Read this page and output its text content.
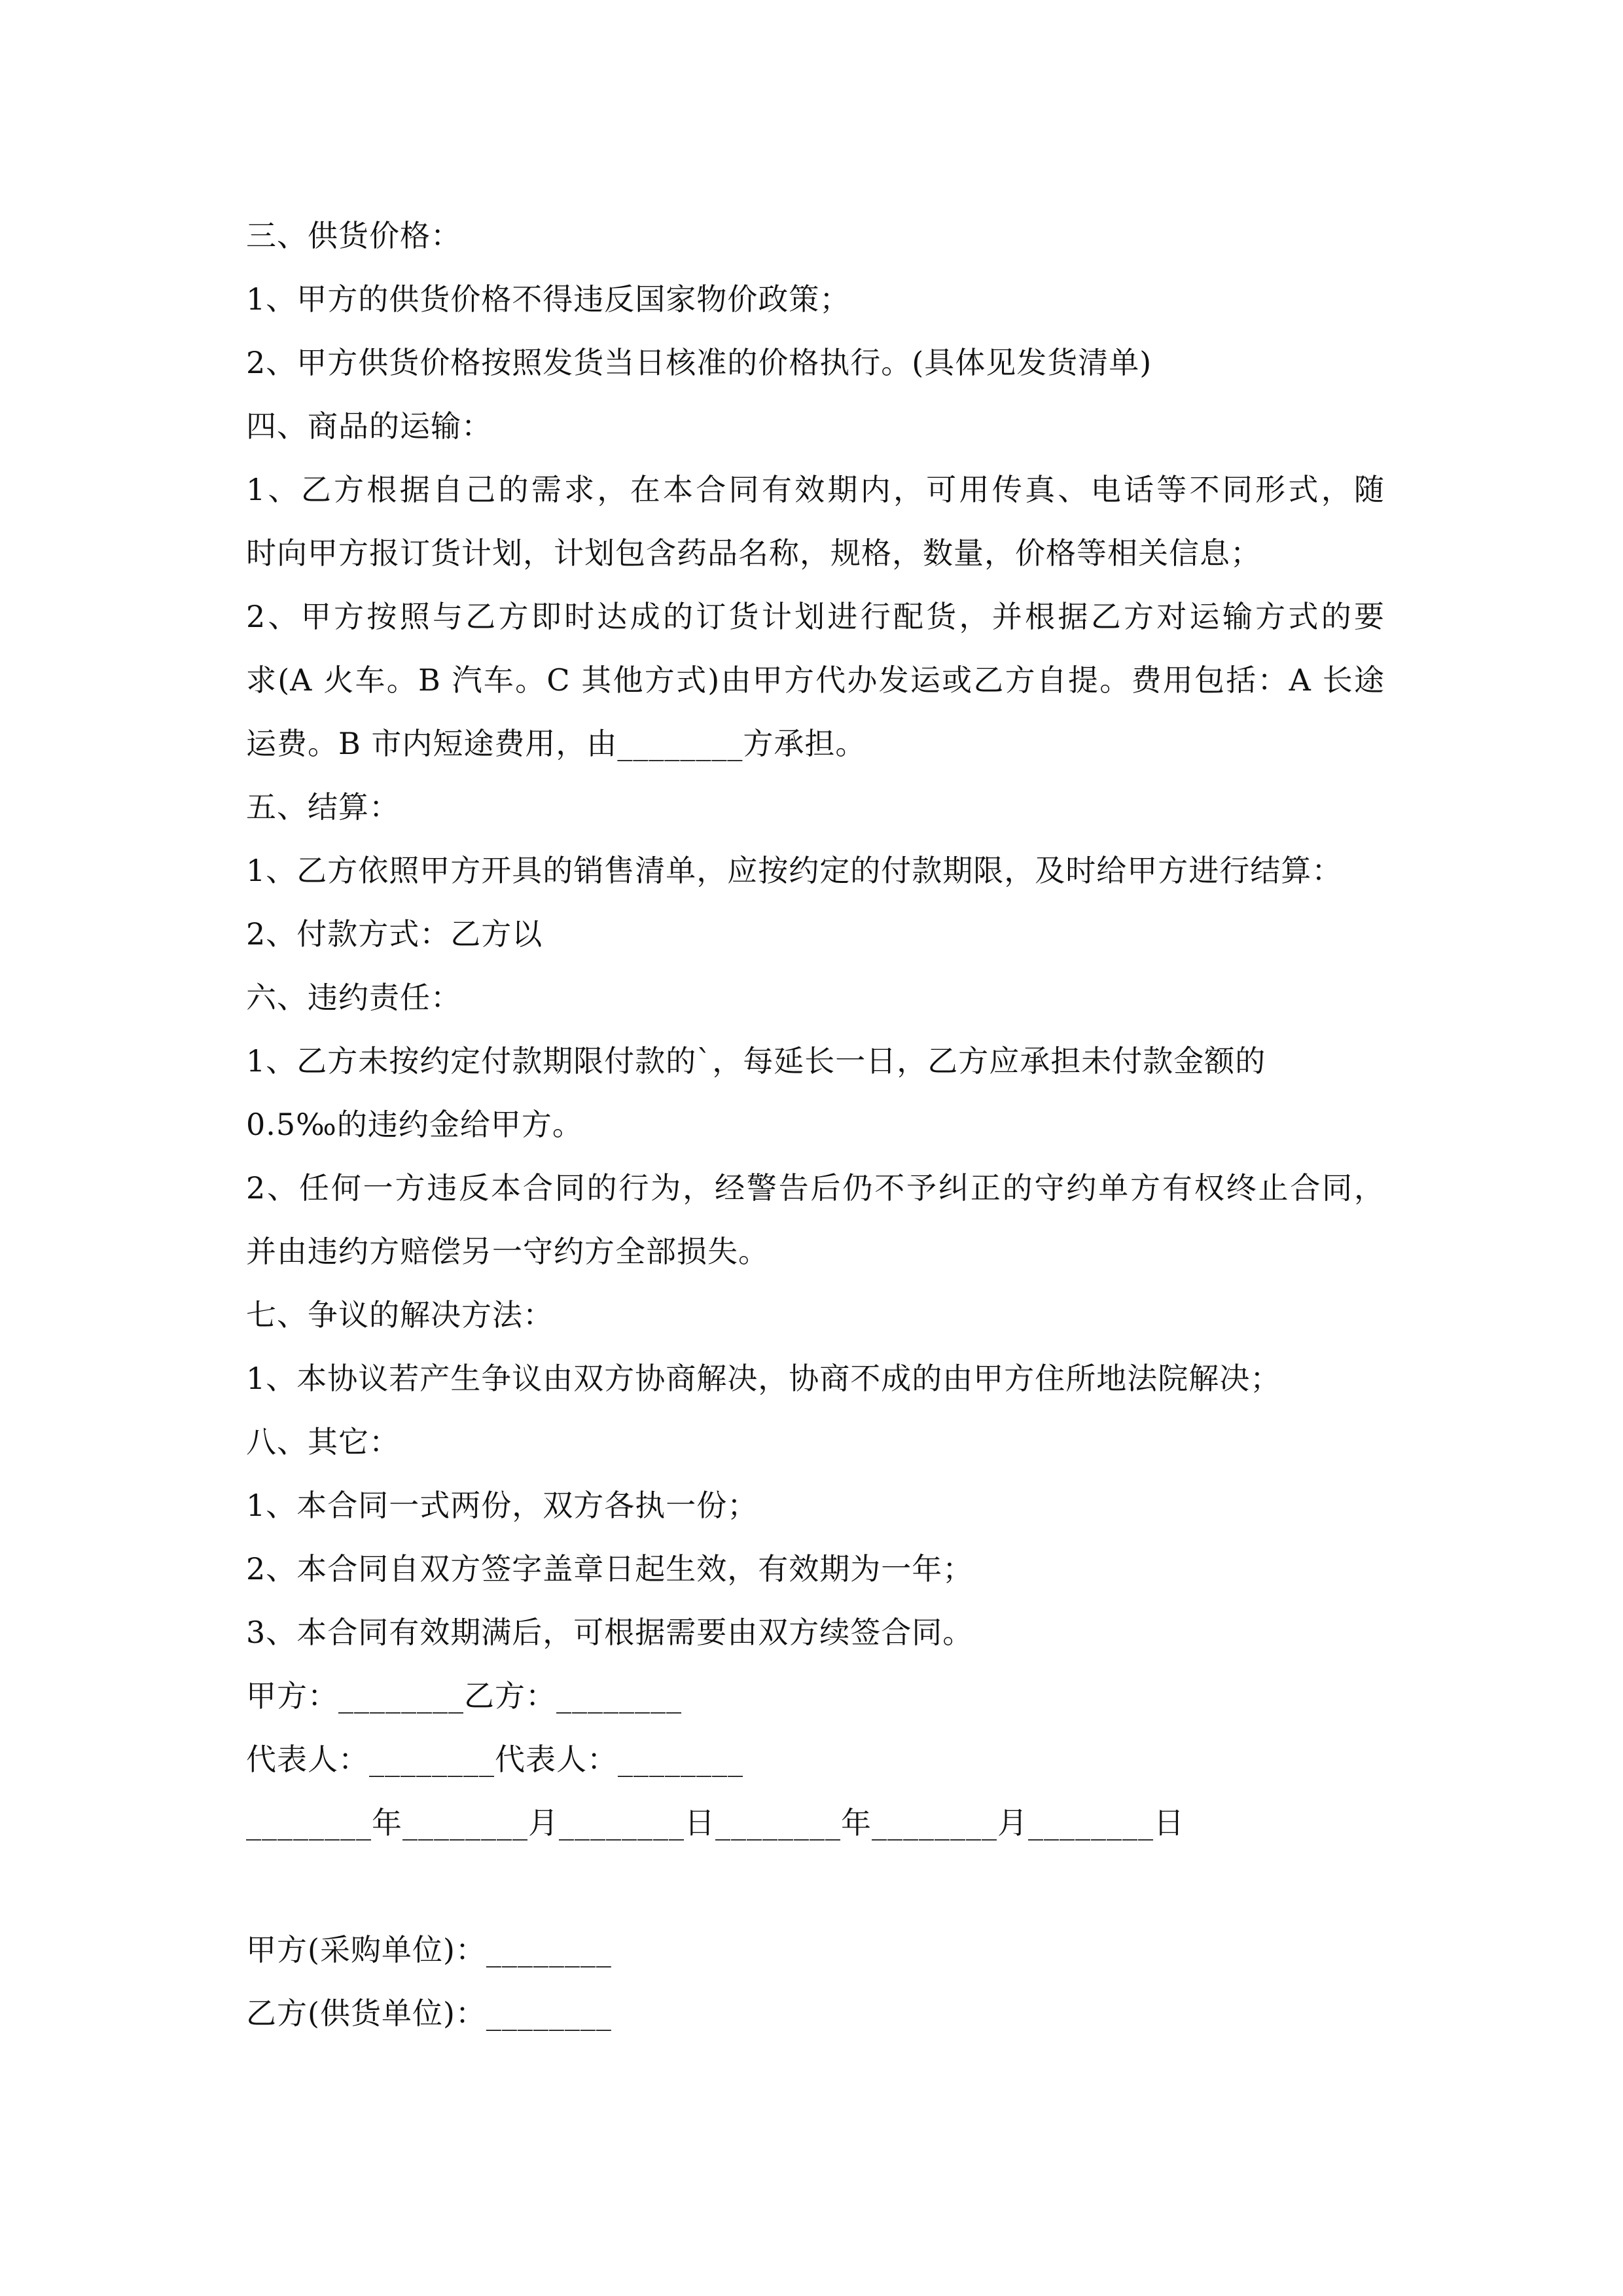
三、供货价格：
1、甲方的供货价格不得违反国家物价政策；
2、甲方供货价格按照发货当日核准的价格执行。(具体见发货清单)
四、商品的运输：
1、乙方根据自己的需求，在本合同有效期内，可用传真、电话等不同形式，随
时向甲方报订货计划，计划包含药品名称，规格，数量，价格等相关信息；
2、甲方按照与乙方即时达成的订货计划进行配货，并根据乙方对运输方式的要
求(A 火车。B 汽车。C 其他方式)由甲方代办发运或乙方自提。费用包括：A 长途
运费。B 市内短途费用，由________方承担。
五、结算：
1、乙方依照甲方开具的销售清单，应按约定的付款期限，及时给甲方进行结算：
2、付款方式：乙方以
六、违约责任：
1、乙方未按约定付款期限付款的`，每延长一日，乙方应承担未付款金额的
0.5‰的违约金给甲方。
2、任何一方违反本合同的行为，经警告后仍不予纠正的守约单方有权终止合同，
并由违约方赔偿另一守约方全部损失。
七、争议的解决方法：
1、本协议若产生争议由双方协商解决，协商不成的由甲方住所地法院解决；
八、其它：
1、本合同一式两份，双方各执一份；
2、本合同自双方签字盖章日起生效，有效期为一年；
3、本合同有效期满后，可根据需要由双方续签合同。
甲方：________乙方：________
代表人：________代表人：________
________年________月________日________年________月________日
甲方(采购单位)：________
乙方(供货单位)：________
